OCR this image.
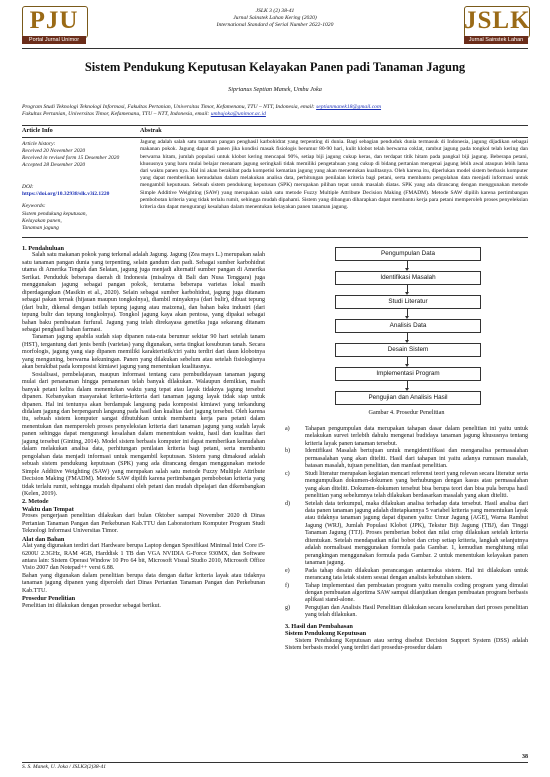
PJU
Portal Jurnal Unimor
JSLK 3 (2) 38-41
Jurnal Sainstek Lahan Kering (2020)
International Standard of Serial Number 2622-1020	JSLK
Jurnal Sainstek Lahan Kering
Sistem Pendukung Keputusan Kelayakan Panen padi Tanaman Jagung
Siprianus Septian Manek, Umbu Joka
Program Studi Teknologi Teknologi Informasi, Fakultas Pertanian, Universitas Timor, Kefamenanu, TTU – NTT, Indonesia, email: septianmanek18@gmail.com
Fakultas Pertanian, Universitas Timor, Kefamenanu, TTU – NTT, Indonesia, email: umbujoka@unimor.ac.id
Article Info
Article history:
Received 20 November 2020
Received in revised form 15 Desember 2020
Accepted 28 Desember 2020
DOI:
https://doi.org/10.32938/slk.v3i2.1220
Keywords:
Sistem pendukung keputusan,
Kelayakan panen,
Tanaman jagung
Abstrak
Jagung adalah salah satu tanaman pangan penghasil karbohidrat yang terpenting di dunia. Bagi sebagian penduduk dunia termasuk di Indonesia, jagung dijadikan sebagai makanan pokok. Jagung dapat di panen jika kondisi masak fisiologis berumur 80-90 hari, kulit klobot telah berwarna coklat, rambut jagung pada tongkol telah kering dan berwarna hitam, jumlah populasi untuk klobot kering mencapai 90%, setiap biji jagung cukup keras, dan terdapat titik hitam pada pangkal biji jagung. Beberapa petani, khususnya yang baru mulai belajar menanam jagung seringkali tidak memiliki pengetahuan yang cukup di bidang pertanian mengenai jagung lebih awal ataupun lebih lama dari waktu panen nya. Hal ini akan berakibat pada kompetisi kematian jagung yang akan menentukan kualitasnya. Oleh karena itu, diperlukan model sistem berbasis komputer yang dapat memberikan kemudahan dalam melakukan analisa data, perhitungan penilaian kriteria bagi petani, serta membantu pengolahan data menjadi informasi untuk mengambil keputusan. Sebuah sistem pendukung keputusan (SPK) merupakan pilihan tepat untuk masalah diatas. SPK yang ada dirancang dengan menggunakan metode Simple Additive Weighting (SAW) yang merupakan salah satu metode Fuzzy Multiple Attribute Decision Making (FMADM). Metode SAW dipilih karena pertimbangan pembobotan kriteria yang tidak terlalu rumit, sehingga mudah dipahami. Sistem yang dibangun diharapkan dapat membantu kerja para petani memperoleh proses penyeleksian kriteria dan dapat mengurangi kesalahan dalam menentukan kelayakan panen tanaman jagung.
1. Pendahuluan

Salah satu makanan pokok yang terkenal adalah Jagung. Jagung (Zea mays L.) merupakan salah satu tanaman pangan dunia yang terpenting, selain gandum dan padi. Sebagai sumber karbohidrat utama di Amerika Tengah dan Selatan, jagung juga menjadi alternatif sumber pangan di Amerika Serikat. Penduduk beberapa daerah di Indonesia (misalnya di Bali dan Nusa Tenggara) juga menggunakan jagung sebagai pangan pokok, terutama beberapa varietas lokal masih diperdagangkan (Masikin et al., 2020). Selain sebagai sumber karbohidrat, jagung juga ditanam sebagai pakan ternak (hijauan maupun tongkolnya), diambil minyaknya (dari bulir), dibuat tepung (dari bulir, dikenal dengan istilah tepung jagung atau maizena), dan bahan baku industri (dari tepung bulir dan tepung tongkolnya). Tongkol jagung kaya akan pentosa, yang dipakai sebagai bahan baku pembuatan furfural. Jagung yang telah direkayasa genetika juga sekarang ditanam sebagai penghasil bahan farmasi.

Tanaman jagung apabila sudah siap dipanen rata-rata berumur sekitar 90 hari setelah tanam (HST), tergantung dari jenis benih (varietas) yang digunakan, serta tingkat kesuburan tanah. Secara morfologis, jagung yang siap dipanen memiliki karakteristik/ciri yaitu terdiri dari daun klobotnya yang menguning, berwarna kekuningan. Panen yang dilakukan sebelum atau setelah fisiologisnya akan berakibat pada komposisi kimiawi jagung yang menentukan kualitasnya.

Sosialisasi, pembelajaran, maupun informasi tentang cara pembudidayaan tanaman jagung mulai dari penanaman hingga pemanenan telah banyak dilakukan. Walaupun demikian, masih banyak petani kelira dalam menentukan waktu yang tepat atau layak tidaknya jagung tersebut dipanen. Kebanyakan masyarakat kriteria-kriteria dari tanaman jagung layak tidak siap untuk dipanen. Hal ini tentunya akan berdampak langsung pada komposisi kimiawi yang terkandung didalam jagung dan berpengaruh langsung pada hasil dan kualitas dari jagung tersebut. Oleh karena itu, sebuah sistem komputer sangat dibutuhkan untuk membantu kerja para petani dalam menentukan dan memperoleh proses penyeleksian kriteria dari tanaman jagung yang sudah layak panen sehingga dapat mengurangi kesalahan dalam menentukan waktu, hasil dan kualitas dari jagung tersebut (Ginting, 2014). Model sistem berbasis komputer ini dapat memberikan kemudahan dalam melakukan analisa data, perhitungan penilaian kriteria bagi petani, serta membantu pengolahan data menjadi informasi untuk mengambil keputusan. Sistem yang dimaksud adalah sebuah sistem pendukung keputusan (SPK) yang ada dirancang dengan menggunakan metode Simple Additive Weighting (SAW) yang merupakan salah satu metode Fuzzy Multiple Attribute Decision Making (FMADM). Metode SAW dipilih karena pertimbangan pembobotan kriteria yang tidak terlalu rumit, sehingga mudah dipahami oleh petani dan mudah dipelajari dan dikembangkan (Kelen, 2019).

2. Metode
Waktu dan Tempat

Proses pengerjaan penelitian dilakukan dari bulan Oktober sampai November 2020 di Dinas Pertanian Tanaman Pangan dan Perkebunan Kab.TTU dan Laboratorium Komputer Program Studi Teknologi Informasi Universitas Timor.

Alat dan Bahan

Alat yang digunakan terdiri dari Hardware berupa Laptop dengan Spesifikasi Minimal Intel Core i5-6200U 2.3GHz, RAM 4GB, Harddisk 1 TB dan VGA NVIDIA G-Force 930MX, dan Software antara lain: Sistem Operasi Window 10 Pro 64 bit, Microsoft Visual Studio 2010, Microsoft Office Visio 2007 dan Notepad++ versi 6.88.

Bahan yang digunakan dalam penelitian berupa data dengan daftar kriteria layak atau tidaknya tanaman jagung dipanen yang diperoleh dari Dinas Pertanian Tanaman Pangan dan Perkebunan Kab.TTU.

Prosedur Penelitian

Penelitian ini dilakukan dengan prosedur sebagai berikut.

Pengumpulan Data
Identifikasi Masalah
Studi Literatur
Analisis Data
Desain Sistem
Implementasi Program
Pengujian dan Analisis Hasil
Gambar 4. Prosedur Penelitian
a)	Tahapan pengumpulan data merupakan tahapan dasar dalam penelitian ini yaitu untuk melakukan survei terlebih dahulu mengenai budidaya tanaman jagung khususnya tentang kriteria layak panen tanaman tersebut.
b) Identifikasi Masalah bertujuan untuk mengidentifikasi dan menganalisa permasalahan permasalahan yang akan diteliti. Hasil dari tahapan ini yaitu adanya rumusan masalah, batasan masalah, tujuan penelitian, dan manfaat penelitian.
c)	Studi literatur merupakan kegiatan mencari referensi teori yang relevan secara literatur serta mengumpulkan dokumen-dokumen yang berhubungan dengan kasus atau permasalahan yang akan diteliti. Dokumen-dokumen tersebut bisa berupa teori dan bisa pula berupa hasil penelitian yang sebelumnya telah dilakukan berdasarkan masalah yang akan diteliti.
d) Setelah data terkumpul, maka dilakukan analisa terhadap data tersebut. Hasil analisa dari data panen tanaman jagung adalah ditetapkannya 5 variabel kriteria yang menentukan layak atau tidaknya tanaman jagung dapat dipanen yaitu: Umur Jagung (AGE), Warna Rambut Jagung (WRJ), Jumlah Populasi Klobot (JPK), Tekstur Biji Jagung (TBJ), dan Tinggi Tanaman Jagung (TTJ). Proses pemberian bobot dan nilai crisp dilakukan setelah kriteria ditentukan. Setelah mendapatkan nilai bobot dan crisp setiap kriteria, langkah selanjutnya adalah normalisasi menggunakan formula pada Gambar. 1, kemudian menghitung nilai perangkingan menggunakan formula pada Gambar. 2 untuk menentukan kelayakan panen tanaman jagung.
e)	Pada tahap desain dilakukan perancangan antarmuka sistem. Hal ini dilakukan untuk merancang tata letak sistem sesuai dengan analisis kebutuhan sistem.
f)	Tahap implementasi dan pembuatan program yaitu menulis coding program yang dimulai dengan pembuatan algoritma SAW sampai dilanjutkan dengan pembuatan program berbasis aplikasi stand-alone.
g) Pengujian dan Analisis Hasil Penelitian dilakukan secara keseluruhan dari proses penelitian yang telah dilakukan.
3. Hasil dan Pembahasan
Sistem Pendukung Keputusan

Sistem Pendukung Keputusan atau sering disebut Decision Support System (DSS) adalah Sistem berbasis model yang terdiri dari prosedur-prosedur dalam

38
S. S. Manek, U. Joka / JSLK3(2)38-41
